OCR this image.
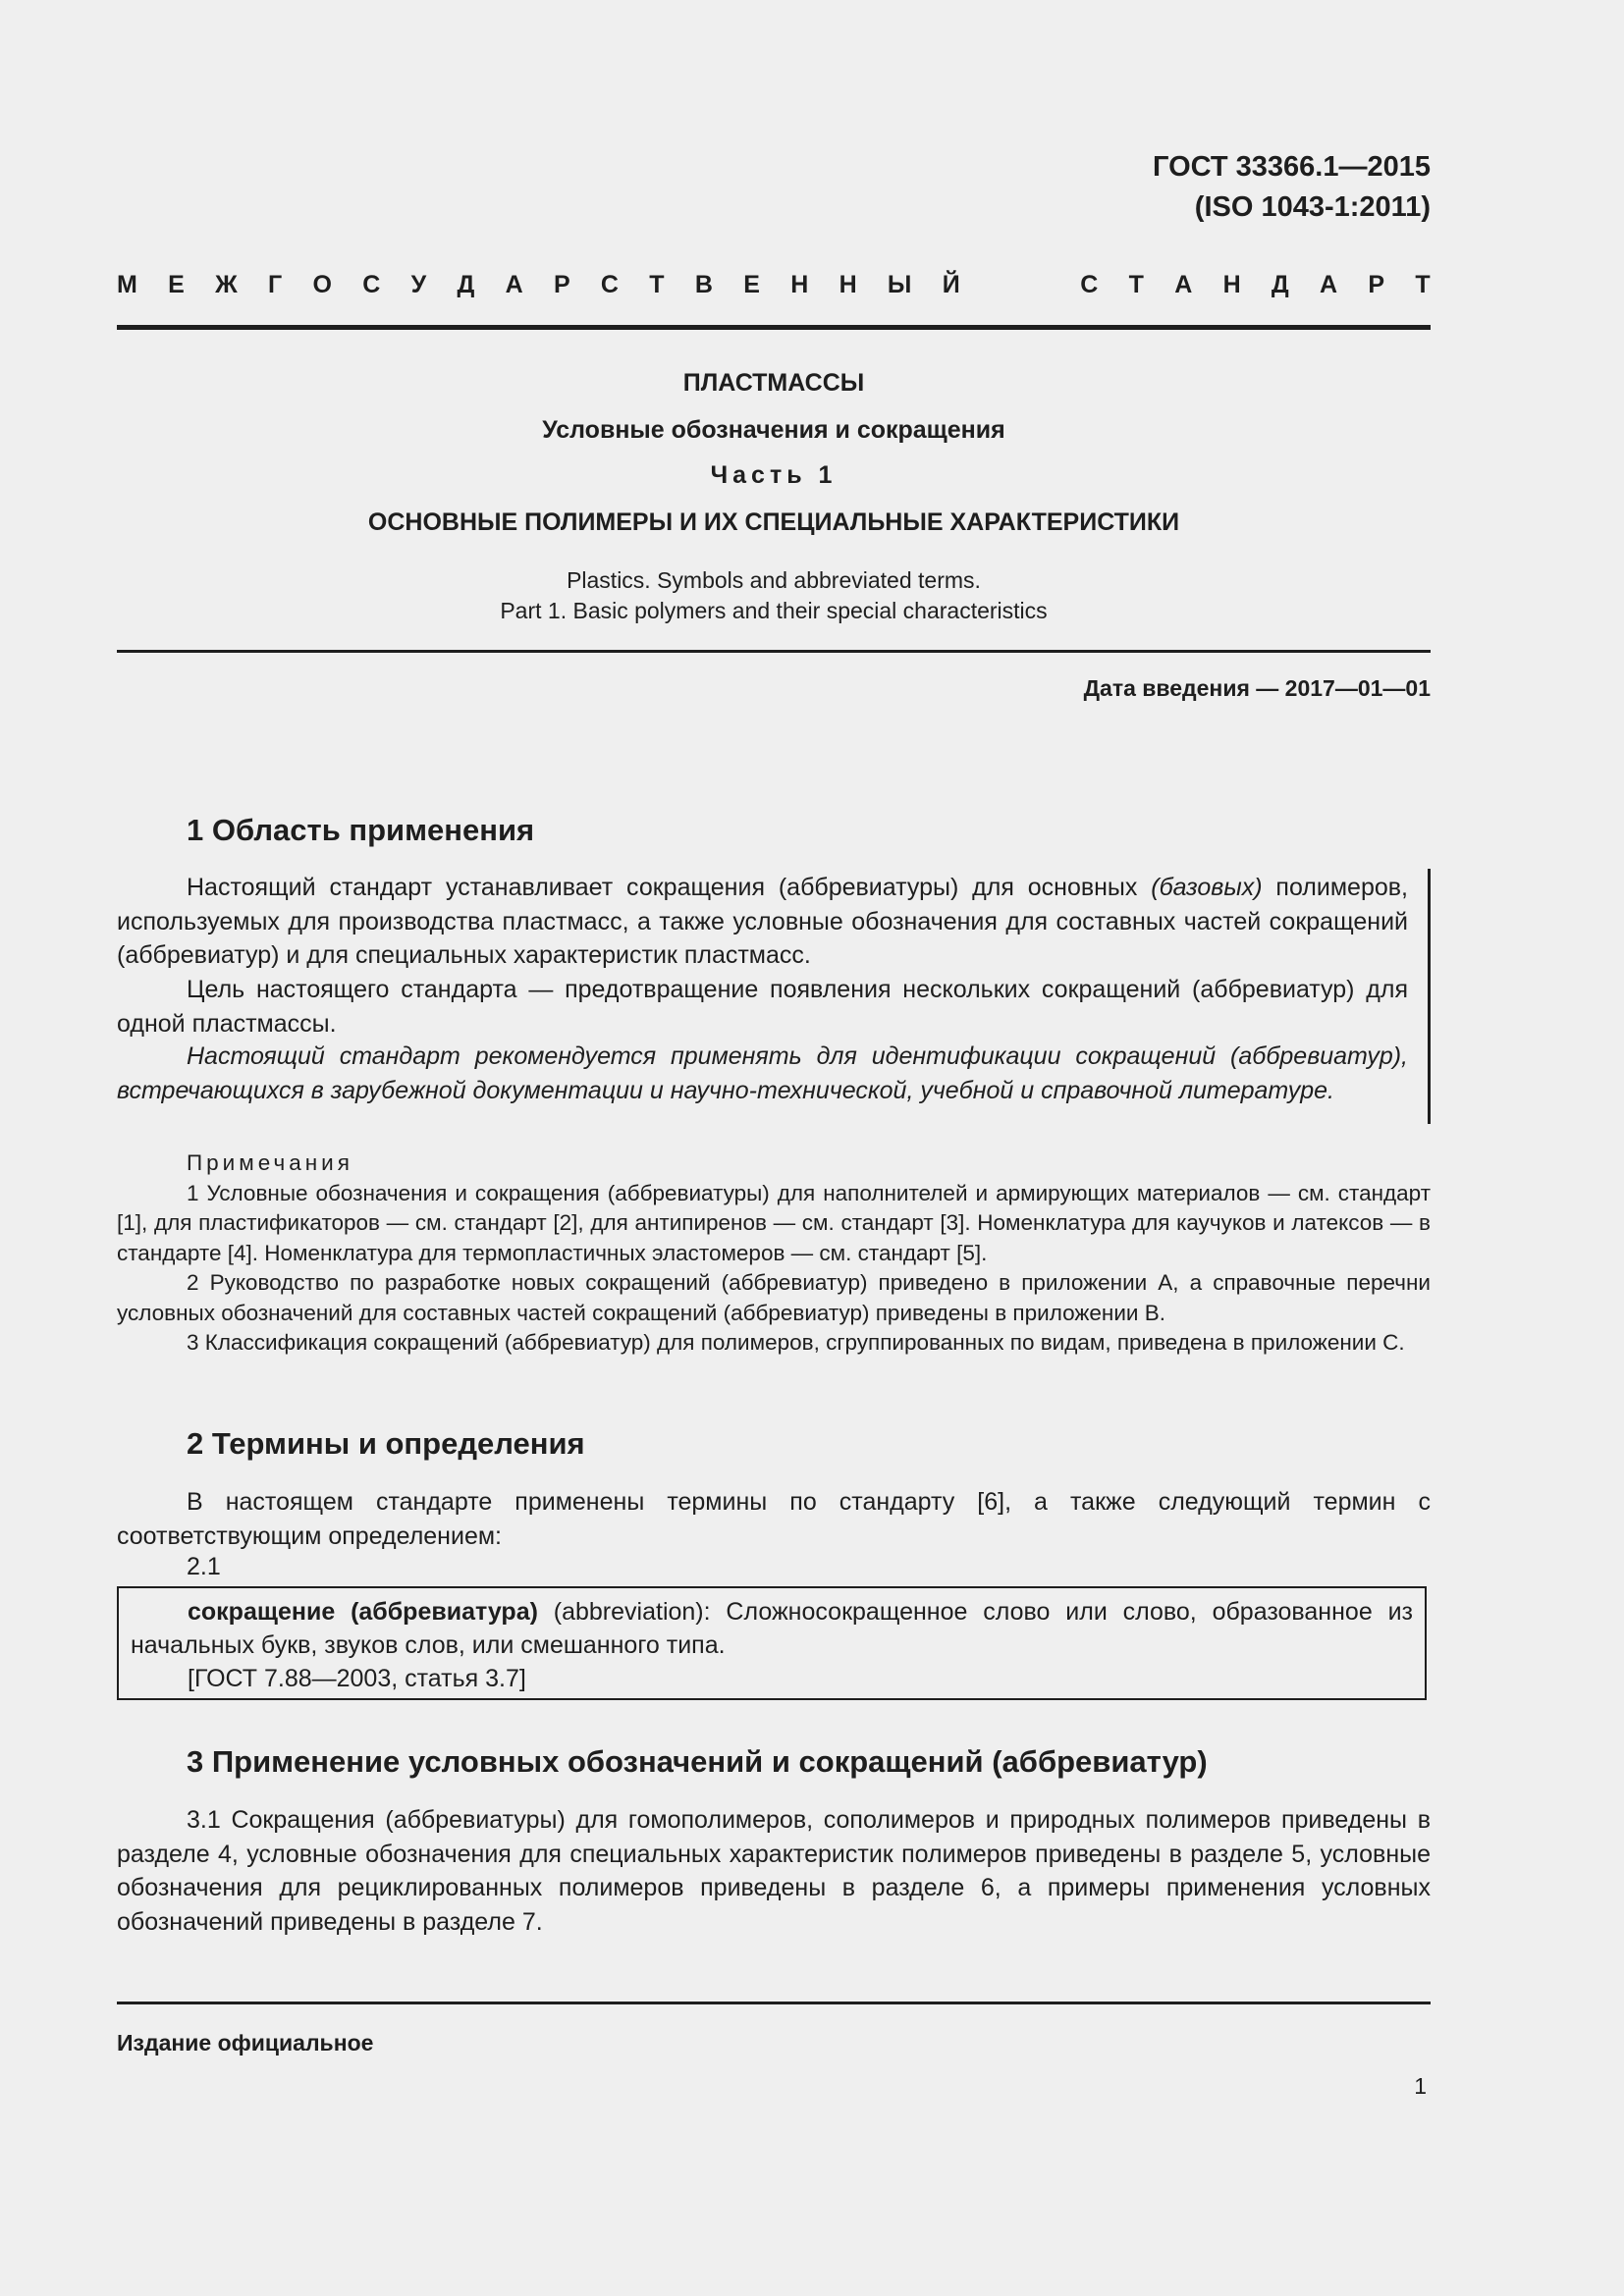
ГОСТ 33366.1—2015
(ISO 1043-1:2011)
М Е Ж Г О С У Д А Р С Т В Е Н Н Ы Й	С Т А Н Д А Р Т
ПЛАСТМАССЫ
Условные обозначения и сокращения
Часть 1
ОСНОВНЫЕ ПОЛИМЕРЫ И ИХ СПЕЦИАЛЬНЫЕ ХАРАКТЕРИСТИКИ
Plastics. Symbols and abbreviated terms.
Part 1. Basic polymers and their special characteristics
Дата введения — 2017—01—01
1 Область применения
Настоящий стандарт устанавливает сокращения (аббревиатуры) для основных (базовых) полимеров, используемых для производства пластмасс, а также условные обозначения для составных частей сокращений (аббревиатур) и для специальных характеристик пластмасс.
Цель настоящего стандарта — предотвращение появления нескольких сокращений (аббревиатур) для одной пластмассы.
Настоящий стандарт рекомендуется применять для идентификации сокращений (аббревиатур), встречающихся в зарубежной документации и научно-технической, учебной и справочной литературе.
Примечания
1 Условные обозначения и сокращения (аббревиатуры) для наполнителей и армирующих материалов — см. стандарт [1], для пластификаторов — см. стандарт [2], для антипиренов — см. стандарт [3]. Номенклатура для каучуков и латексов — в стандарте [4]. Номенклатура для термопластичных эластомеров — см. стандарт [5].
2 Руководство по разработке новых сокращений (аббревиатур) приведено в приложении А, а справочные перечни условных обозначений для составных частей сокращений (аббревиатур) приведены в приложении В.
3 Классификация сокращений (аббревиатур) для полимеров, сгруппированных по видам, приведена в приложении С.
2 Термины и определения
В настоящем стандарте применены термины по стандарту [6], а также следующий термин с соответствующим определением:
2.1
сокращение (аббревиатура) (abbreviation): Сложносокращенное слово или слово, образованное из начальных букв, звуков слов, или смешанного типа.
[ГОСТ 7.88—2003, статья 3.7]
3 Применение условных обозначений и сокращений (аббревиатур)
3.1 Сокращения (аббревиатуры) для гомополимеров, сополимеров и природных полимеров приведены в разделе 4, условные обозначения для специальных характеристик полимеров приведены в разделе 5, условные обозначения для рециклированных полимеров приведены в разделе 6, а примеры применения условных обозначений приведены в разделе 7.
Издание официальное
1
